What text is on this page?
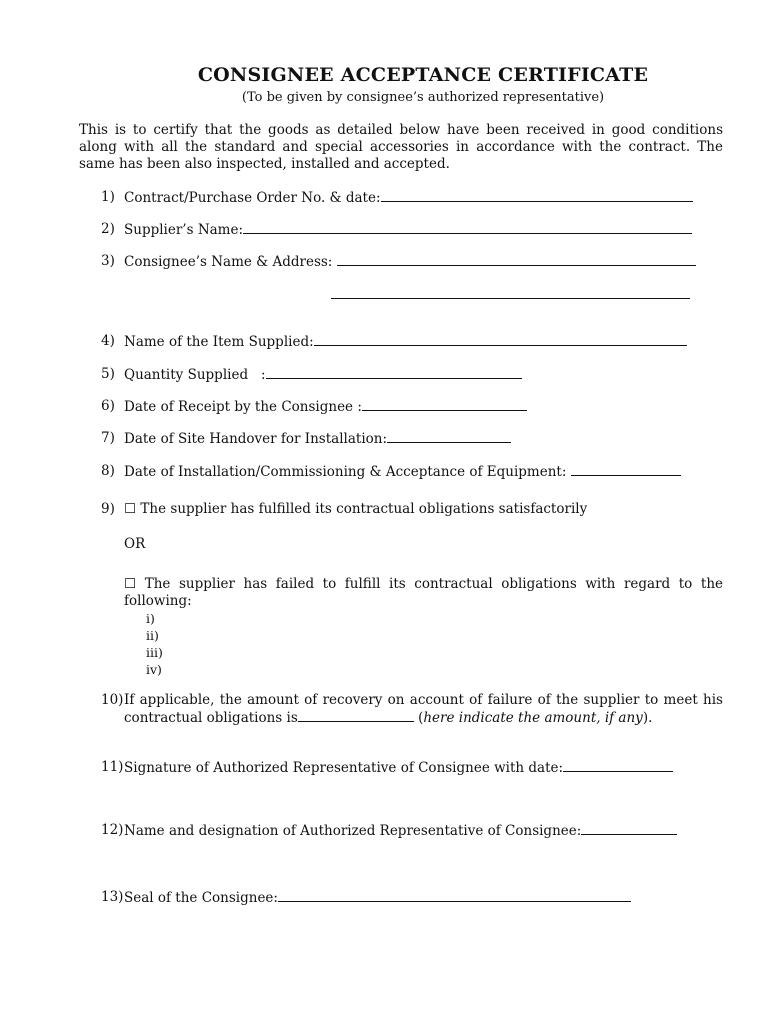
CONSIGNEE ACCEPTANCE CERTIFICATE
(To be given by consignee’s authorized representative)
This is to certify that the goods as detailed below have been received in good conditions along with all the standard and special accessories in accordance with the contract. The same has been also inspected, installed and accepted.
1) Contract/Purchase Order No. & date:
2) Supplier’s Name:
3) Consignee’s Name & Address:
4) Name of the Item Supplied:
5) Quantity Supplied   :
6) Date of Receipt by the Consignee :
7) Date of Site Handover for Installation:
8) Date of Installation/Commissioning & Acceptance of Equipment:
9) ☐ The supplier has fulfilled its contractual obligations satisfactorily
OR
☐ The supplier has failed to fulfill its contractual obligations with regard to the following:
i)
ii)
iii)
iv)
10) If applicable, the amount of recovery on account of failure of the supplier to meet his contractual obligations is	(here indicate the amount, if any).
11) Signature of Authorized Representative of Consignee with date:
12) Name and designation of Authorized Representative of Consignee:
13) Seal of the Consignee:
